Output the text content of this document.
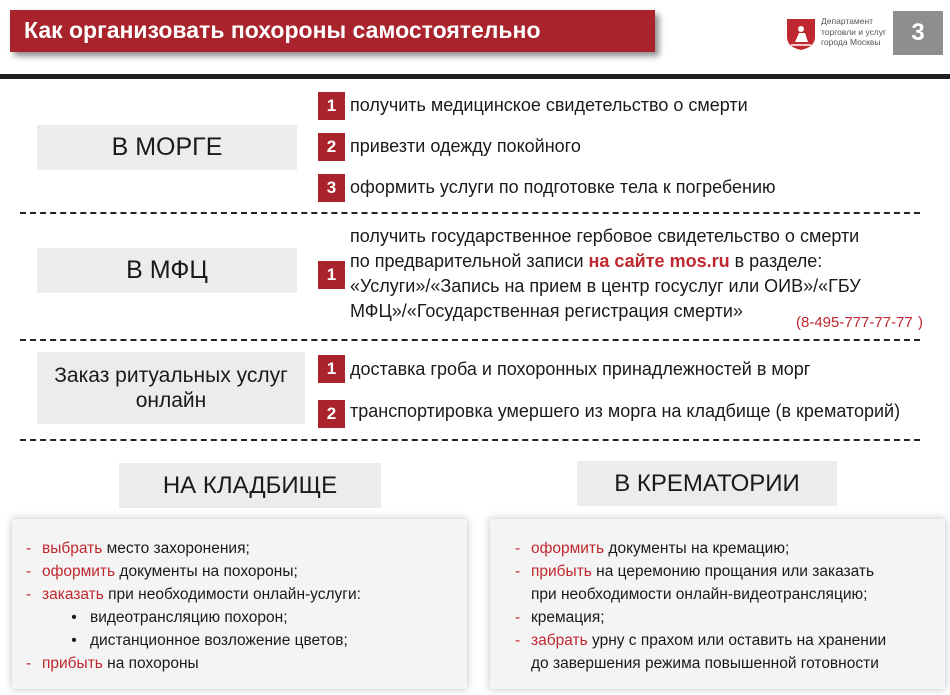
Как организовать похороны самостоятельно	Департамент
торговли и услуг
города Москвы	3
В МОРГЕ
1 получить медицинское свидетельство о смерти
2 привезти одежду покойного
3 оформить услуги по подготовке тела к погребению
В МФЦ	1
получить государственное гербовое свидетельство о смерти
по предварительной записи на сайте mos.ru в разделе:
«Услуги»/«Запись на прием в центр госуслуг или ОИВ»/«ГБУ
МФЦ»/«Государственная регистрация смерти»
(8-495-777-77-77 )
Заказ ритуальных услуг
онлайн
1 доставка гроба и похоронных принадлежностей в морг
2 транспортировка умершего из морга на кладбище (в крематорий)
НА КЛАДБИЩЕ	В КРЕМАТОРИИ
- выбрать место захоронения;
- оформить документы на похороны;
- заказать при необходимости онлайн-услуги:
• видеотрансляцию похорон;
• дистанционное возложение цветов;
- прибыть на похороны
- оформить документы на кремацию;
- прибыть на церемонию прощания или заказать
при необходимости онлайн-видеотрансляцию;
- кремация;
- забрать урну с прахом или оставить на хранении
до завершения режима повышенной готовности
